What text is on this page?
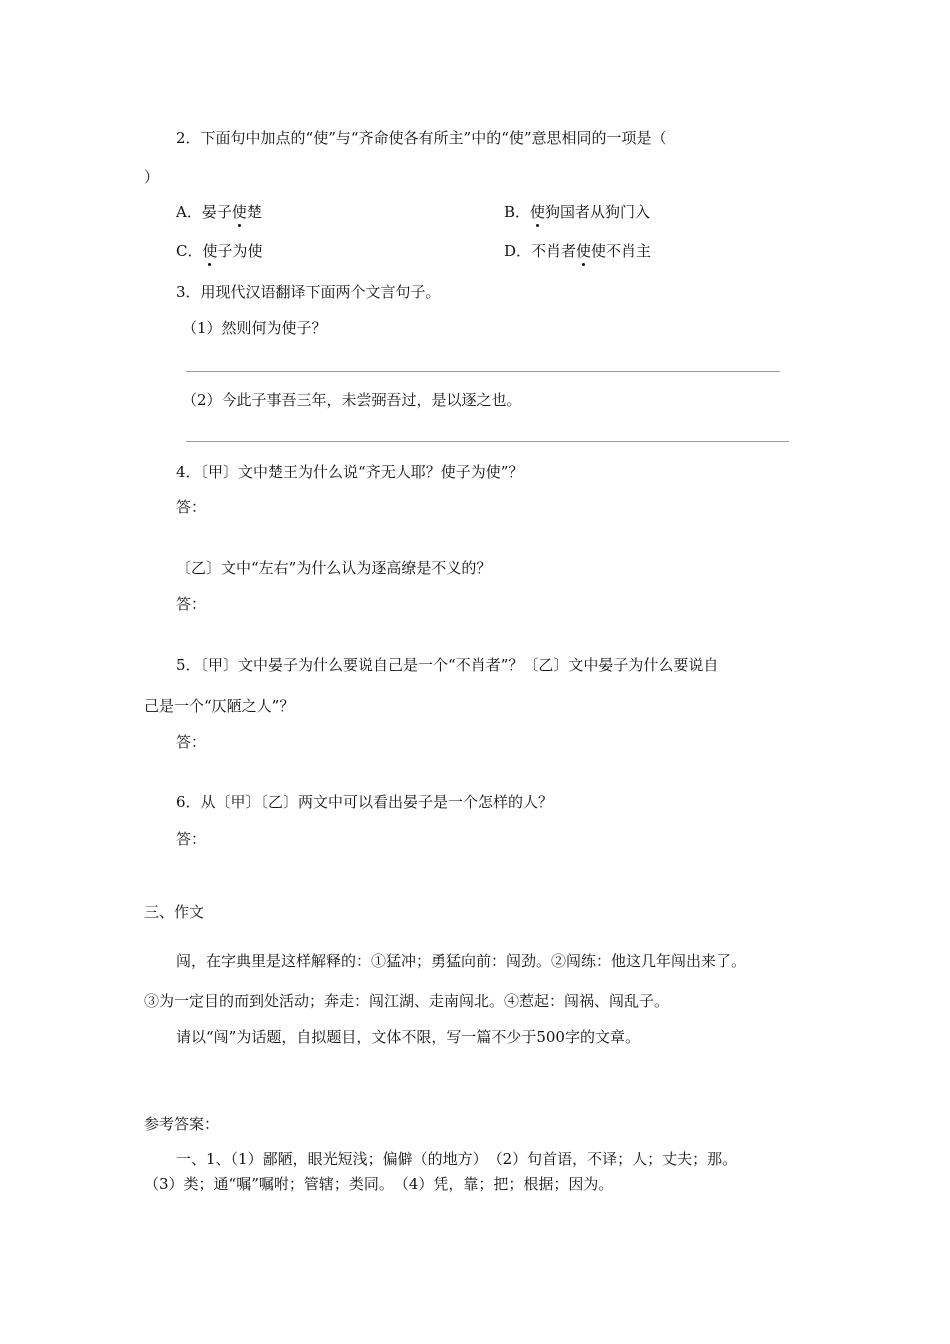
2．下面句中加点的“使”与“齐命使各有所主”中的“使”意思相同的一项是（
）
A．晏子使楚	B．使狗国者从狗门入
C．使子为使	D．不肖者使使不肖主
3．用现代汉语翻译下面两个文言句子。
（1）然则何为使子？
（2）今此子事吾三年，未尝弼吾过，是以逐之也。
4．〔甲〕文中楚王为什么说“齐无人耶？使子为使”？
答：
〔乙〕文中“左右”为什么认为逐高缭是不义的？
答：
5．〔甲〕文中晏子为什么要说自己是一个“不肖者”？〔乙〕文中晏子为什么要说自
己是一个“仄陋之人”？
答：
6．从〔甲〕〔乙〕两文中可以看出晏子是一个怎样的人？
答：
三、作文
闯，在字典里是这样解释的：①猛冲；勇猛向前：闯劲。②闯练：他这几年闯出来了。
③为一定目的而到处活动；奔走：闯江湖、走南闯北。④惹起：闯祸、闯乱子。
请以“闯”为话题，自拟题目，文体不限，写一篇不少于500字的文章。
参考答案：
一、1、（1）鄙陋，眼光短浅；偏僻（的地方）　（2）句首语，不译；人；丈夫；那。
（3）类；通“嘱”嘱咐；管辖；类同。　（4）凭，靠；把；根据；因为。
